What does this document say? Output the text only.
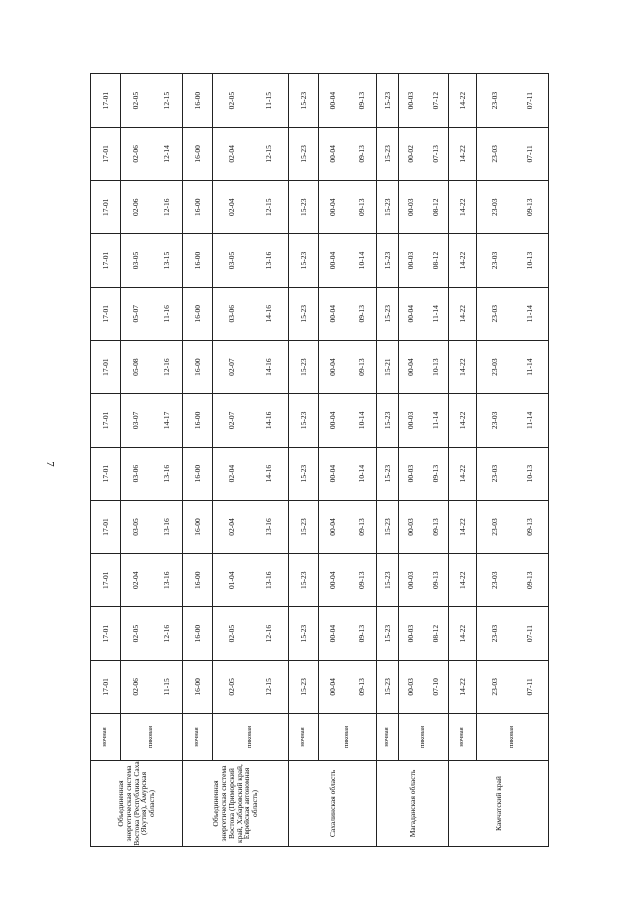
7
Объединенная энергетическая система Востока (Республика Саха (Якутия), Амурская область)	ночная	17-01	17-01	17-01	17-01	17-01	17-01	17-01	17-01	17-01	17-01	17-01	17-01
	пиковая	02-06 11-15	02-05 12-16	02-04 13-16	03-05 13-16	03-06 13-16	03-07 14-17	05-08 12-16	05-07 11-16	03-05 13-15	02-06 12-16	02-06 12-14	02-05 12-15

Объединенная энергетическая система Востока (Приморский край, Хабаровский край, Еврейская автономная область)	ночная	16-00	16-00	16-00	16-00	16-00	16-00	16-00	16-00	16-00	16-00	16-00	16-00
	пиковая	02-05 12-15	02-05 12-16	01-04 13-16	02-04 13-16	02-04 14-16	02-07 14-16	02-07 14-16	03-06 14-16	03-05 13-16	02-04 12-15	02-04 12-15	02-05 11-15

Сахалинская область	ночная	15-23	15-23	15-23	15-23	15-23	15-23	15-23	15-23	15-23	15-23	15-23	15-23
	пиковая	00-04 09-13	00-04 09-13	00-04 09-13	00-04 09-13	00-04 10-14	00-04 10-14	00-04 09-13	00-04 09-13	00-04 10-14	00-04 09-13	00-04 09-13	00-04 09-13

Магаданская область	ночная	15-23	15-23	15-23	15-23	15-23	15-23	15-21	15-23	15-23	15-23	15-23	15-23
	пиковая	00-03 07-10	00-03 08-12	00-03 09-13	00-03 09-13	00-03 09-13	00-03 11-14	00-04 10-13	00-04 11-14	00-03 08-12	00-03 08-12	00-02 07-13	00-03 07-12

Камчатский край	ночная	14-22	14-22	14-22	14-22	14-22	14-22	14-22	14-22	14-22	14-22	14-22	14-22
	пиковая	23-03 07-11	23-03 07-11	23-03 09-13	23-03 09-13	23-03 10-13	23-03 11-14	23-03 11-14	23-03 11-14	23-03 10-13	23-03 09-13	23-03 07-11	23-03 07-11
